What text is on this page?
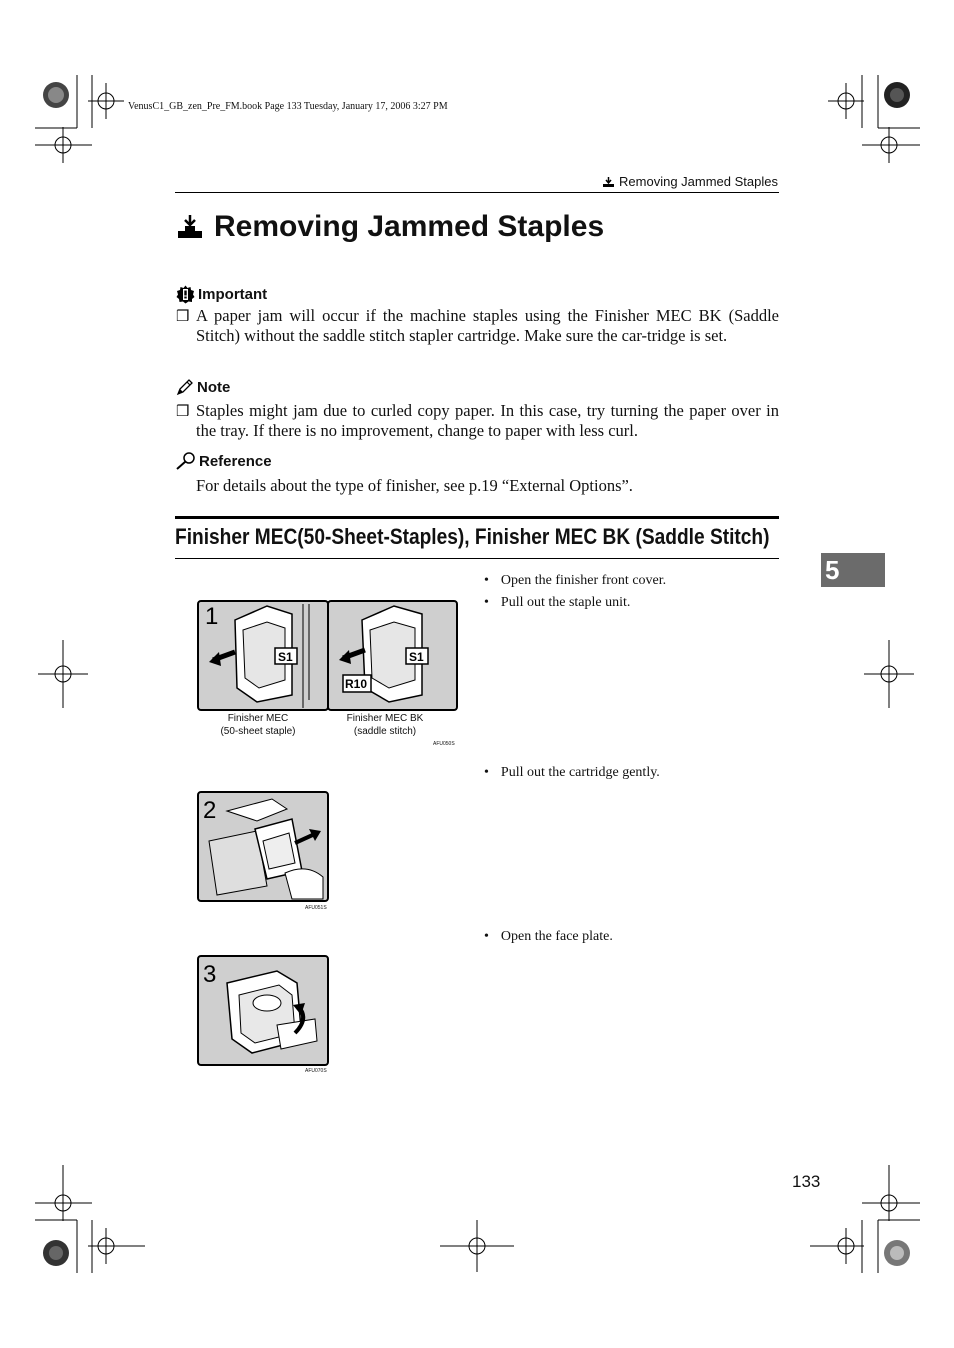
VenusC1_GB_zen_Pre_FM.book Page 133 Tuesday, January 17, 2006 3:27 PM
Removing Jammed Staples
Removing Jammed Staples
Important
❒ A paper jam will occur if the machine staples using the Finisher MEC BK (Saddle Stitch) without the saddle stitch stapler cartridge. Make sure the car-tridge is set.
Note
❒ Staples might jam due to curled copy paper. In this case, try turning the paper over in the tray. If there is no improvement, change to paper with less curl.
Reference
For details about the type of finisher, see p.19 “External Options”.
Finisher MEC(50-Sheet-Staples), Finisher MEC BK (Saddle Stitch)
5
• Open the finisher front cover.
• Pull out the staple unit.
1
S1	S1
R10
Finisher MEC
(50-sheet staple)
Finisher MEC BK
(saddle stitch)
AFU050S
• Pull out the cartridge gently.
2
AFU051S
• Open the face plate.
3
AFU070S
133
